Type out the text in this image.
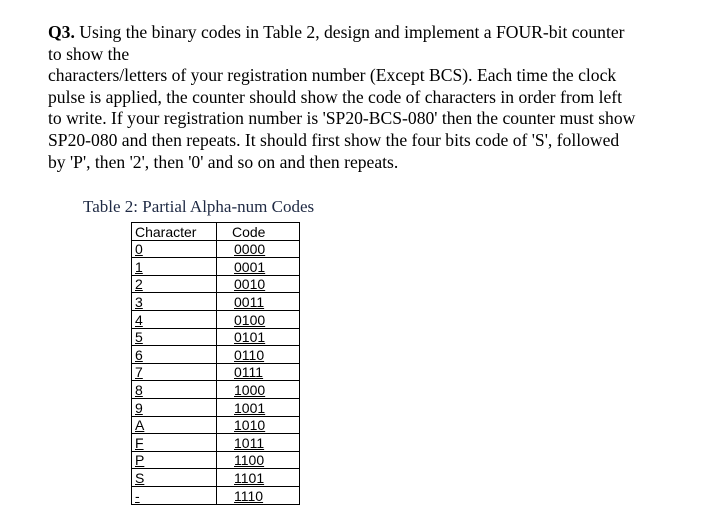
Q3. Using the binary codes in Table 2, design and implement a FOUR-bit counter
to show the
characters/letters of your registration number (Except BCS). Each time the clock
pulse is applied, the counter should show the code of characters in order from left
to write. If your registration number is 'SP20-BCS-080' then the counter must show
SP20-080 and then repeats. It should first show the four bits code of 'S', followed
by 'P', then '2', then '0' and so on and then repeats.
Table 2: Partial Alpha-num Codes
Character	Code
0	0000
1	0001
2	0010
3	0011
4	0100
5	0101
6	0110
7	0111
8	1000
9	1001
A	1010
F	1011
P	1100
S	1101
-	1110
